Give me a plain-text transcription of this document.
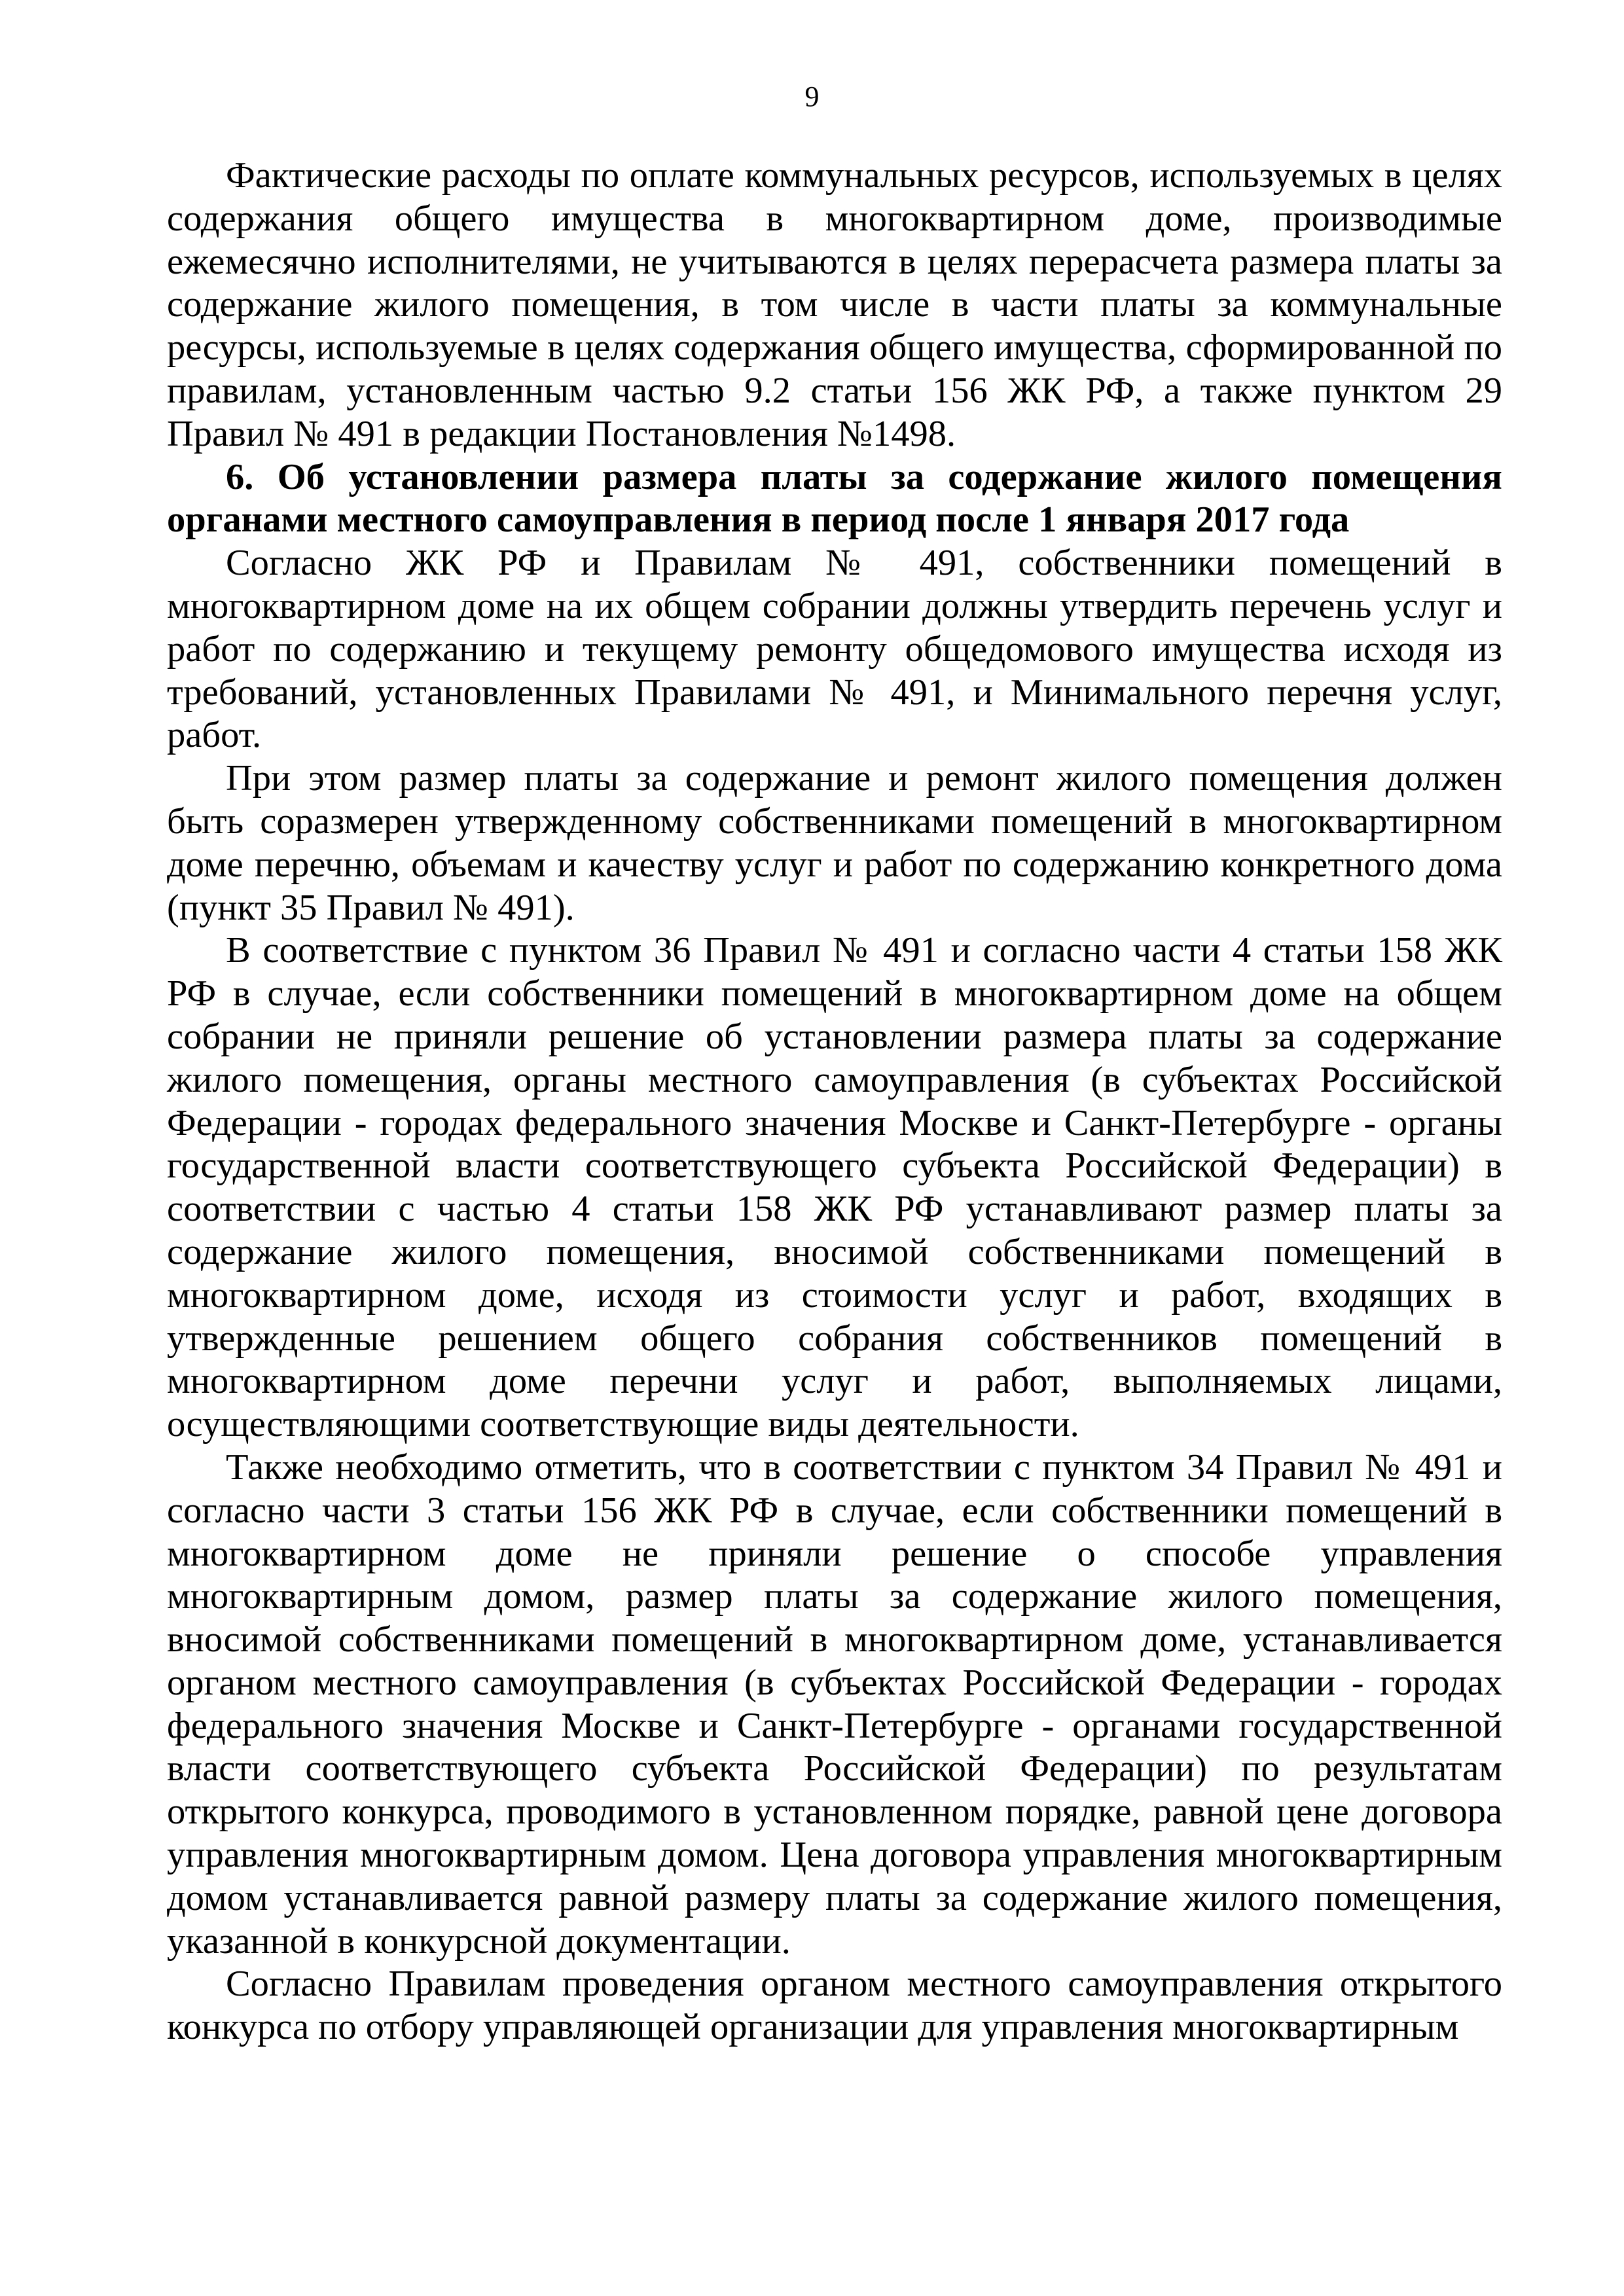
9

Фактические расходы по оплате коммунальных ресурсов, используемых в целях содержания общего имущества в многоквартирном доме, производимые ежемесячно исполнителями, не учитываются в целях перерасчета размера платы за содержание жилого помещения, в том числе в части платы за коммунальные ресурсы, используемые в целях содержания общего имущества, сформированной по правилам, установленным частью 9.2 статьи 156 ЖК РФ, а также пунктом 29 Правил № 491 в редакции Постановления №1498.

6. Об установлении размера платы за содержание жилого помещения органами местного самоуправления в период после 1 января 2017 года

Согласно ЖК РФ и Правилам № 491, собственники помещений в многоквартирном доме на их общем собрании должны утвердить перечень услуг и работ по содержанию и текущему ремонту общедомового имущества исходя из требований, установленных Правилами № 491, и Минимального перечня услуг, работ.

При этом размер платы за содержание и ремонт жилого помещения должен быть соразмерен утвержденному собственниками помещений в многоквартирном доме перечню, объемам и качеству услуг и работ по содержанию конкретного дома (пункт 35 Правил № 491).

В соответствие с пунктом 36 Правил № 491 и согласно части 4 статьи 158 ЖК РФ в случае, если собственники помещений в многоквартирном доме на общем собрании не приняли решение об установлении размера платы за содержание жилого помещения, органы местного самоуправления (в субъектах Российской Федерации - городах федерального значения Москве и Санкт-Петербурге - органы государственной власти соответствующего субъекта Российской Федерации) в соответствии с частью 4 статьи 158 ЖК РФ устанавливают размер платы за содержание жилого помещения, вносимой собственниками помещений в многоквартирном доме, исходя из стоимости услуг и работ, входящих в утвержденные решением общего собрания собственников помещений в многоквартирном доме перечни услуг и работ, выполняемых лицами, осуществляющими соответствующие виды деятельности.

Также необходимо отметить, что в соответствии с пунктом 34 Правил № 491 и согласно части 3 статьи 156 ЖК РФ в случае, если собственники помещений в многоквартирном доме не приняли решение о способе управления многоквартирным домом, размер платы за содержание жилого помещения, вносимой собственниками помещений в многоквартирном доме, устанавливается органом местного самоуправления (в субъектах Российской Федерации - городах федерального значения Москве и Санкт-Петербурге - органами государственной власти соответствующего субъекта Российской Федерации) по результатам открытого конкурса, проводимого в установленном порядке, равной цене договора управления многоквартирным домом. Цена договора управления многоквартирным домом устанавливается равной размеру платы за содержание жилого помещения, указанной в конкурсной документации.

Согласно Правилам проведения органом местного самоуправления открытого конкурса по отбору управляющей организации для управления многоквартирным
